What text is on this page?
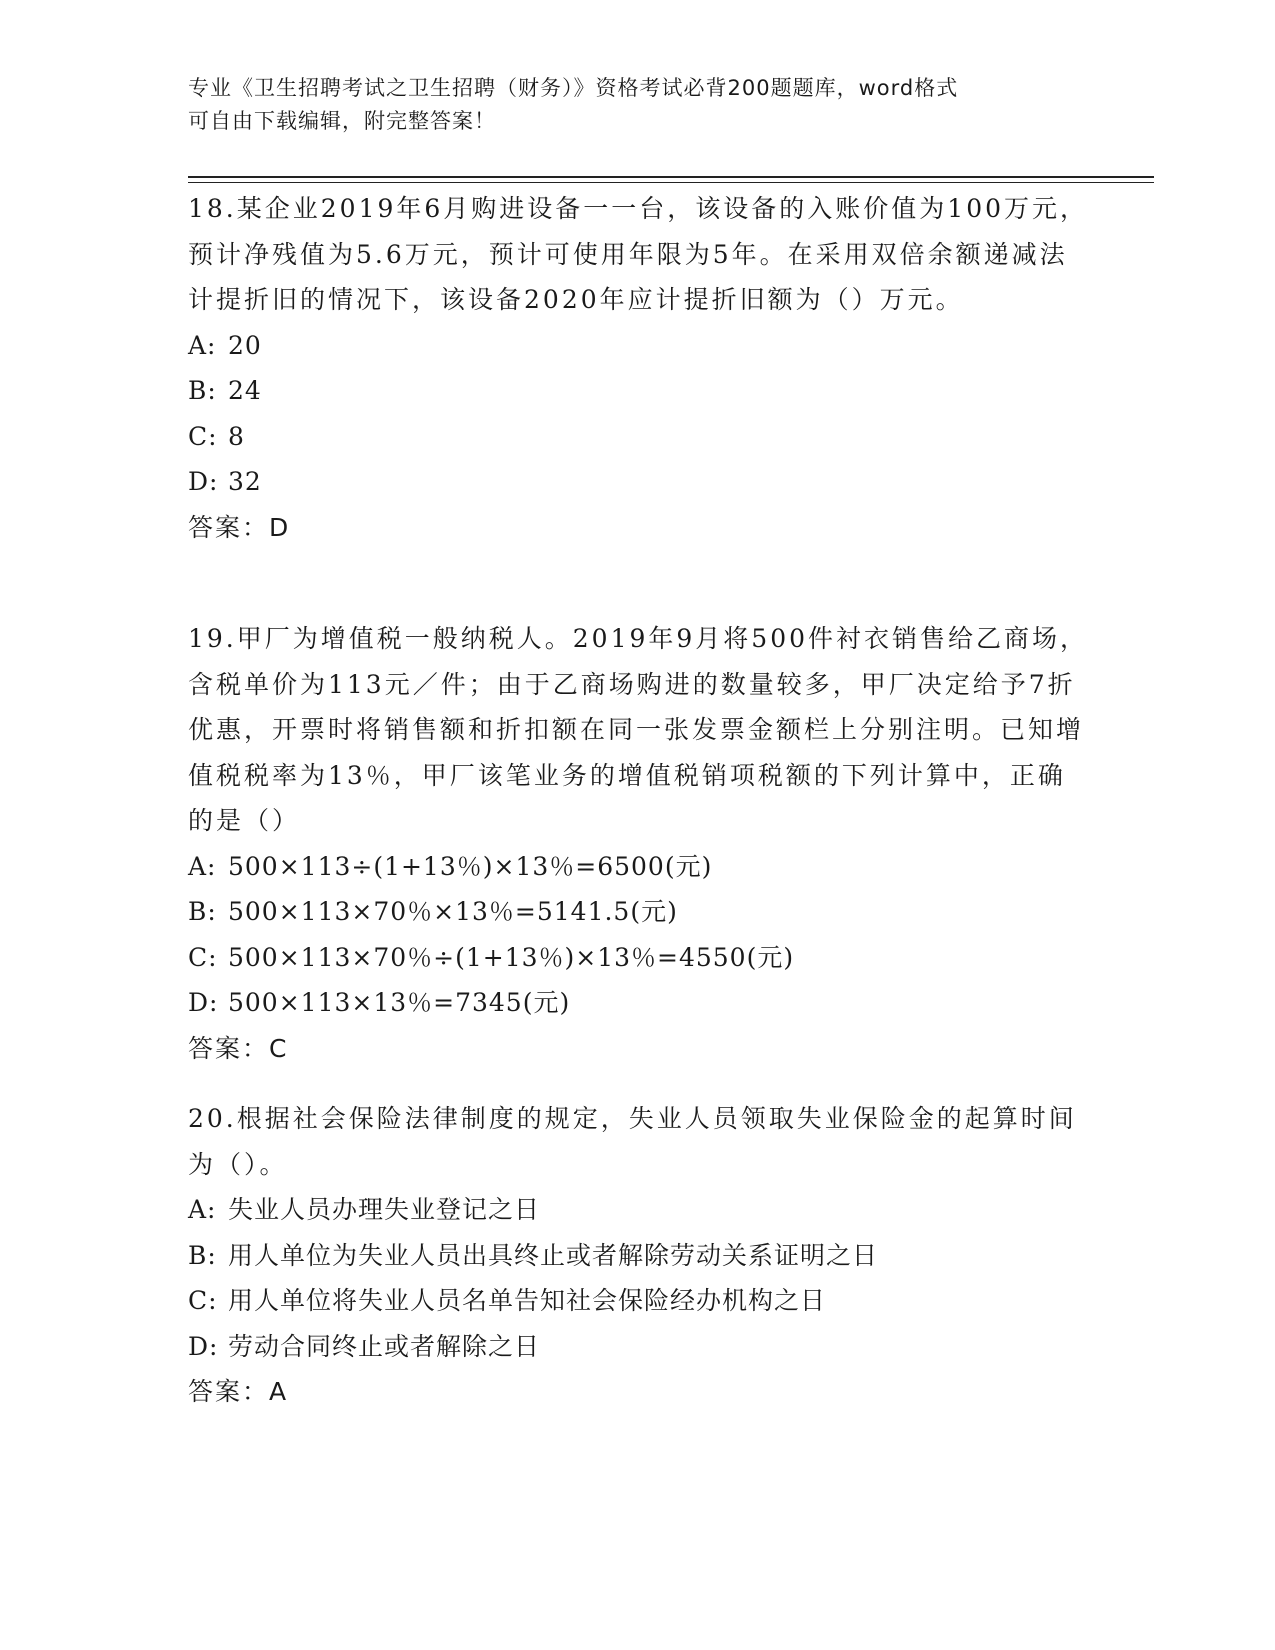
专业《卫生招聘考试之卫生招聘（财务）》资格考试必背200题题库，word格式
可自由下载编辑，附完整答案！

18.某企业2019年6月购进设备一一台，该设备的入账价值为100万元，预计净残值为5.6万元，预计可使用年限为5年。在采用双倍余额递减法计提折旧的情况下，该设备2020年应计提折旧额为（）万元。

A: 20

B: 24

C: 8

D: 32

答案：D

19.甲厂为增值税一般纳税人。2019年9月将500件衬衣销售给乙商场，含税单价为113元／件；由于乙商场购进的数量较多，甲厂决定给予7折优惠，开票时将销售额和折扣额在同一张发票金额栏上分别注明。已知增值税税率为13％，甲厂该笔业务的增值税销项税额的下列计算中，正确的是（）

A: 500×113÷(1+13％)×13％=6500(元)

B: 500×113×70％×13％=5141.5(元)

C: 500×113×70％÷(1+13％)×13％=4550(元)

D: 500×113×13％=7345(元)

答案：C

20.根据社会保险法律制度的规定，失业人员领取失业保险金的起算时间为（）。

A: 失业人员办理失业登记之日

B: 用人单位为失业人员出具终止或者解除劳动关系证明之日

C: 用人单位将失业人员名单告知社会保险经办机构之日

D: 劳动合同终止或者解除之日

答案：A
